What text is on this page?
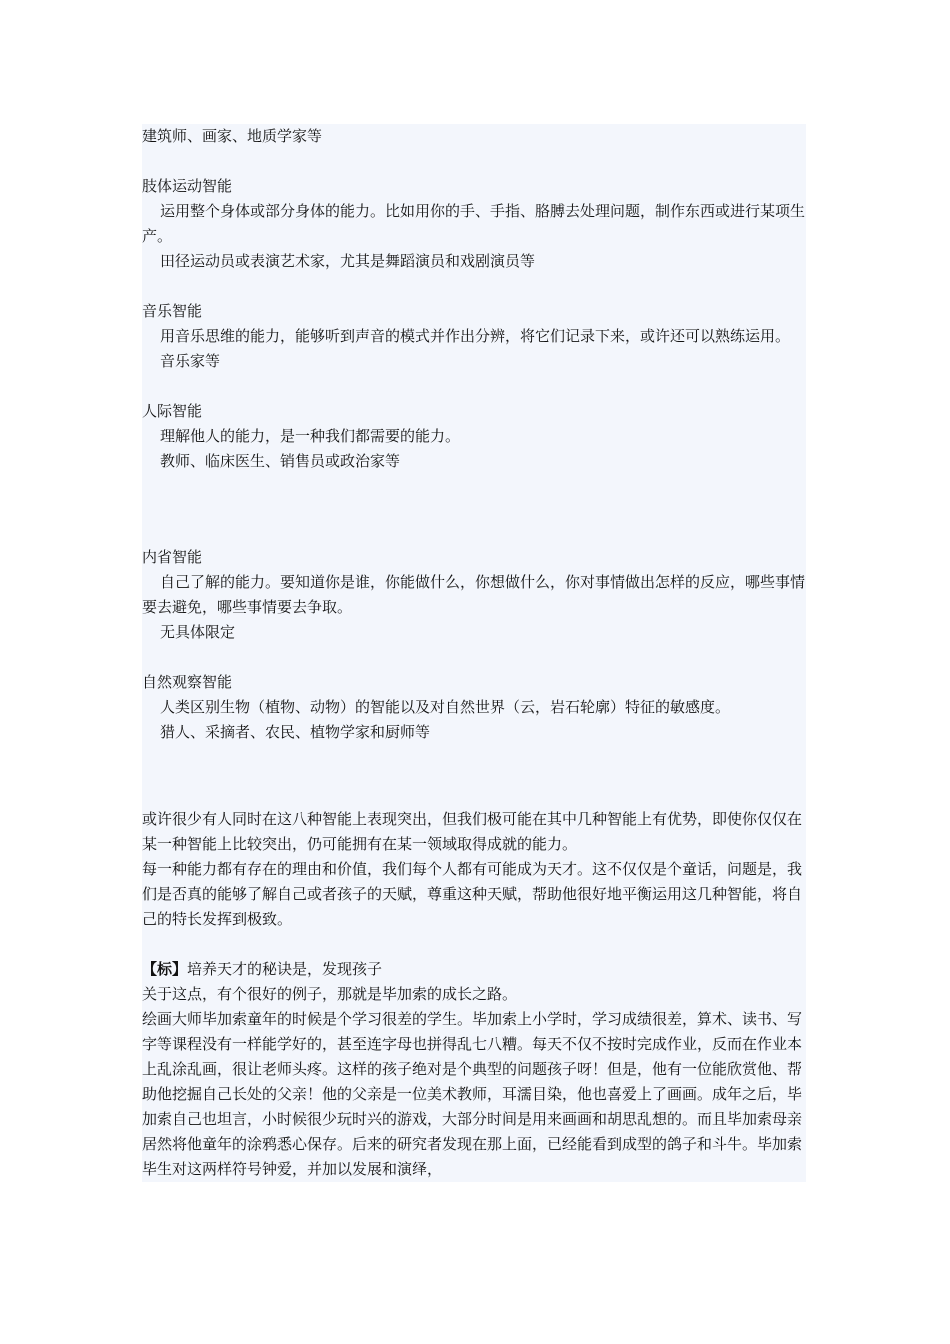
建筑师、画家、地质学家等
肢体运动智能
运用整个身体或部分身体的能力。比如用你的手、手指、胳膊去处理问题，制作东西或进行某项生产。
田径运动员或表演艺术家，尤其是舞蹈演员和戏剧演员等
音乐智能
用音乐思维的能力，能够听到声音的模式并作出分辨，将它们记录下来，或许还可以熟练运用。
音乐家等
人际智能
理解他人的能力，是一种我们都需要的能力。
教师、临床医生、销售员或政治家等
内省智能
自己了解的能力。要知道你是谁，你能做什么，你想做什么，你对事情做出怎样的反应，哪些事情要去避免，哪些事情要去争取。
无具体限定
自然观察智能
人类区别生物（植物、动物）的智能以及对自然世界（云，岩石轮廓）特征的敏感度。
猎人、采摘者、农民、植物学家和厨师等
或许很少有人同时在这八种智能上表现突出，但我们极可能在其中几种智能上有优势，即使你仅仅在某一种智能上比较突出，仍可能拥有在某一领域取得成就的能力。
每一种能力都有存在的理由和价值，我们每个人都有可能成为天才。这不仅仅是个童话，问题是，我们是否真的能够了解自己或者孩子的天赋，尊重这种天赋，帮助他很好地平衡运用这几种智能，将自己的特长发挥到极致。
【标】培养天才的秘诀是，发现孩子
关于这点，有个很好的例子，那就是毕加索的成长之路。
绘画大师毕加索童年的时候是个学习很差的学生。毕加索上小学时，学习成绩很差，算术、读书、写字等课程没有一样能学好的，甚至连字母也拼得乱七八糟。每天不仅不按时完成作业，反而在作业本上乱涂乱画，很让老师头疼。这样的孩子绝对是个典型的问题孩子呀！但是，他有一位能欣赏他、帮助他挖掘自己长处的父亲！他的父亲是一位美术教师，耳濡目染，他也喜爱上了画画。成年之后，毕加索自己也坦言，小时候很少玩时兴的游戏，大部分时间是用来画画和胡思乱想的。而且毕加索母亲居然将他童年的涂鸦悉心保存。后来的研究者发现在那上面，已经能看到成型的鸽子和斗牛。毕加索毕生对这两样符号钟爱，并加以发展和演绎，
